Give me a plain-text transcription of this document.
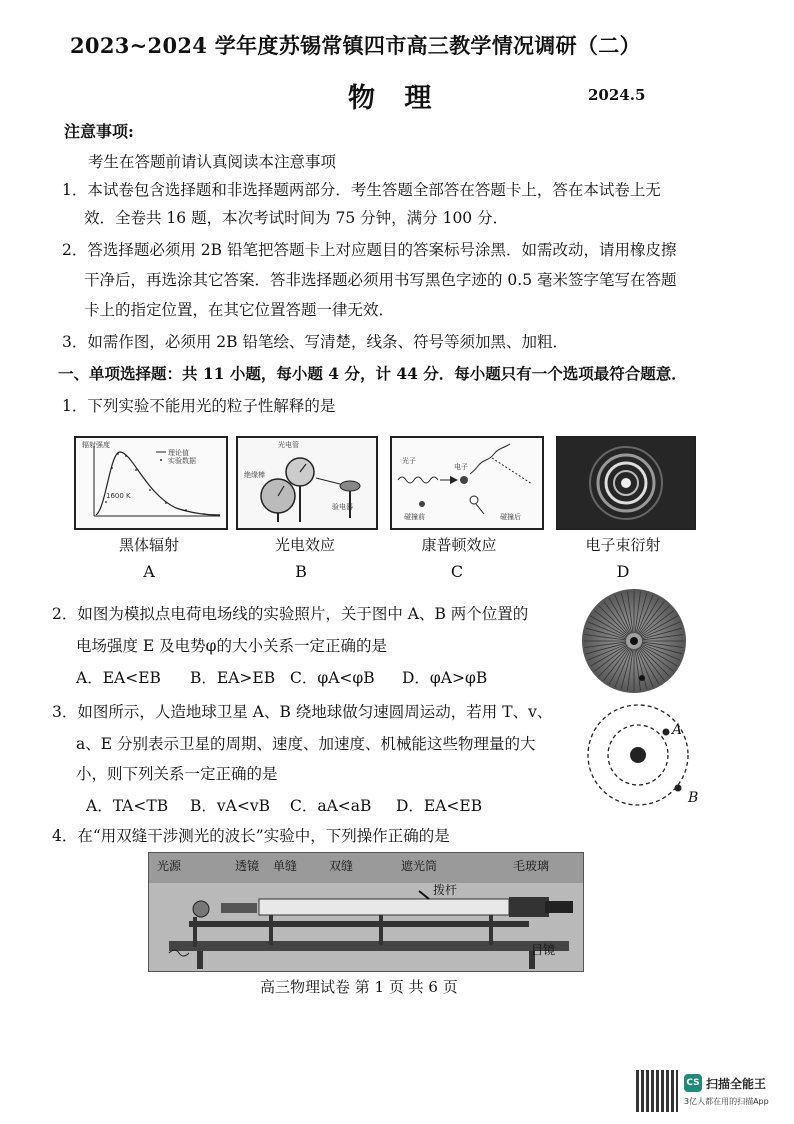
2023~2024 学年度苏锡常镇四市高三教学情况调研（二）
物 理	2024.5
注意事项:
考生在答题前请认真阅读本注意事项
1．本试卷包含选择题和非选择题两部分．考生答题全部答在答题卡上，答在本试卷上无
效．全卷共 16 题，本次考试时间为 75 分钟，满分 100 分．
2．答选择题必须用 2B 铅笔把答题卡上对应题目的答案标号涂黑．如需改动，请用橡皮擦
干净后，再选涂其它答案．答非选择题必须用书写黑色字迹的 0.5 毫米签字笔写在答题
卡上的指定位置，在其它位置答题一律无效．
3．如需作图，必须用 2B 铅笔绘、写清楚，线条、符号等须加黑、加粗．
一、单项选择题：共 11 小题，每小题 4 分，计 44 分．每小题只有一个选项最符合题意．
1．下列实验不能用光的粒子性解释的是
辐射强度
理论值
实验数据
1600 K
光电管
绝缘棒
验电器
光子
电子
碰撞前	碰撞后
黑体辐射	光电效应	康普顿效应	电子束衍射
A	B	C	D
2．如图为模拟点电荷电场线的实验照片，关于图中 A、B 两个位置的
电场强度 E 及电势φ的大小关系一定正确的是
A．EA<EB B．EA>EB C．φA<φB D．φA>φB
3．如图所示，人造地球卫星 A、B 绕地球做匀速圆周运动，若用 T、v、
a、E 分别表示卫星的周期、速度、加速度、机械能这些物理量的大
小，则下列关系一定正确的是
A．TA<TB B．vA<vB C．aA<aB D．EA<EB
A
B
4．在“用双缝干涉测光的波长”实验中，下列操作正确的是
光源	透镜 单缝	双缝	遮光筒	毛玻璃
拨杆
目镜
高三物理试卷 第 1 页 共 6 页
CS 扫描全能王
3亿人都在用的扫描App
